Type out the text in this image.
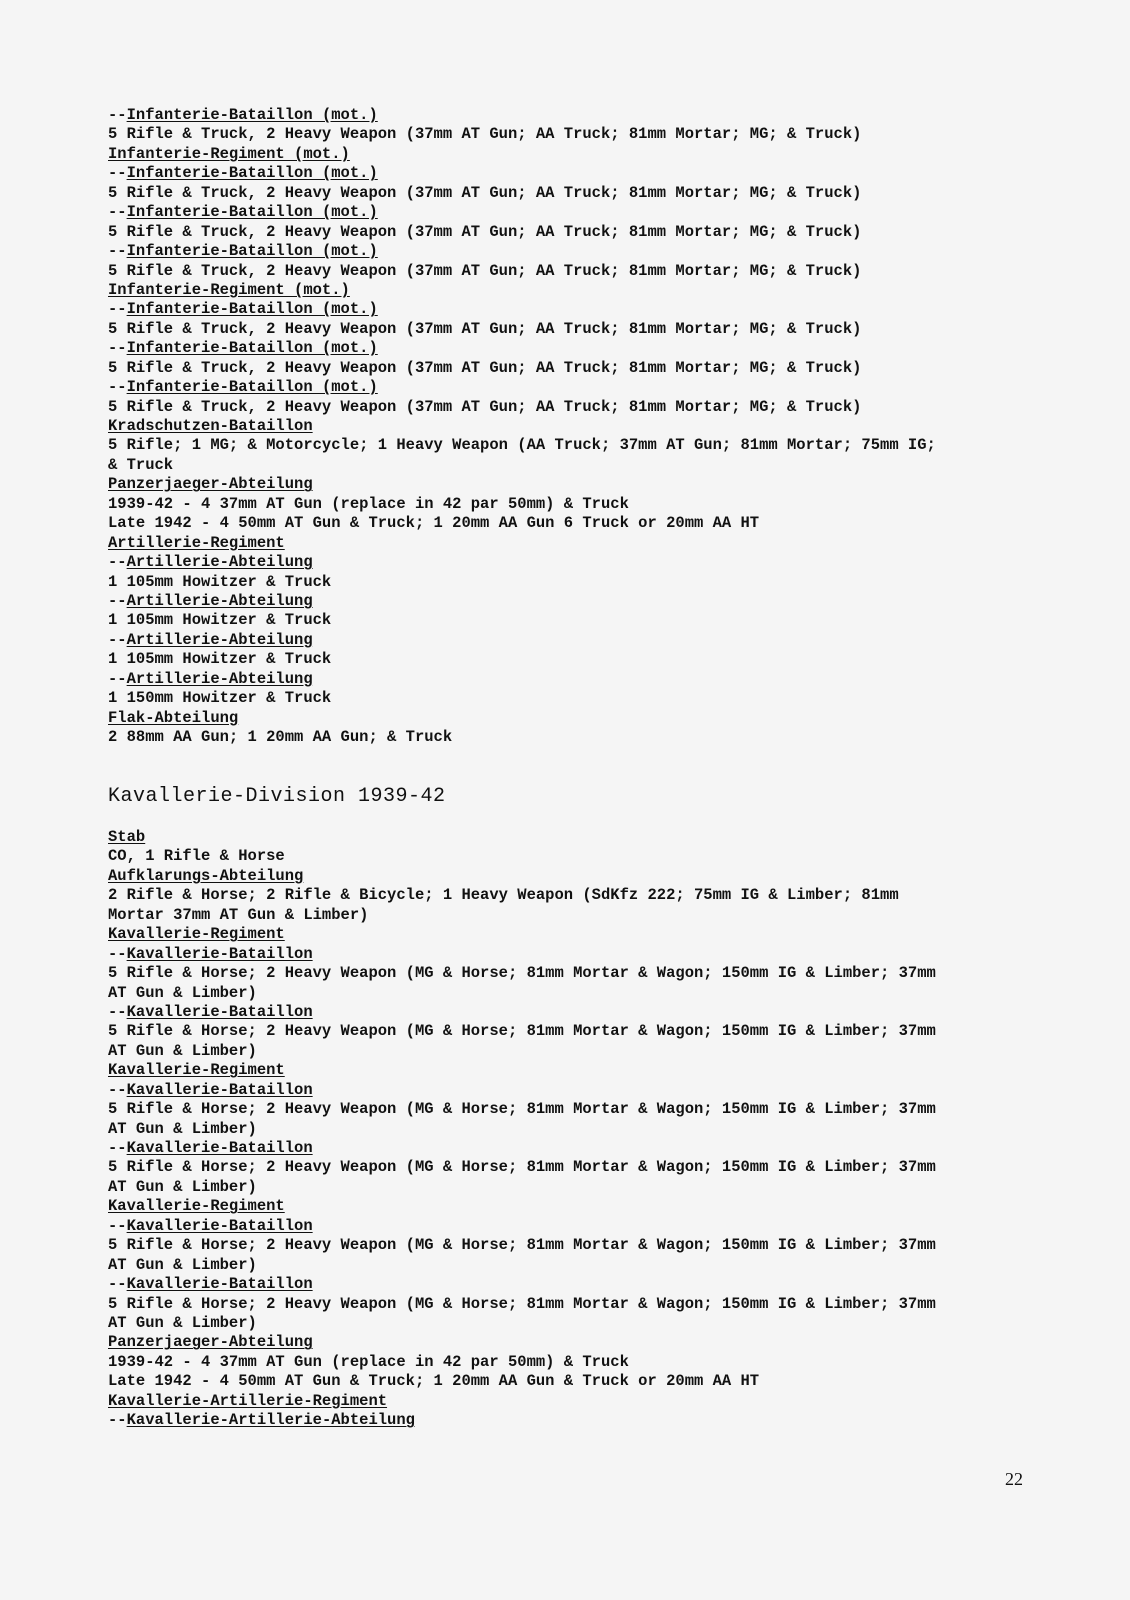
--Infanterie-Bataillon (mot.)
5 Rifle & Truck, 2 Heavy Weapon (37mm AT Gun; AA Truck; 81mm Mortar; MG; & Truck)
Infanterie-Regiment (mot.)
--Infanterie-Bataillon (mot.)
5 Rifle & Truck, 2 Heavy Weapon (37mm AT Gun; AA Truck; 81mm Mortar; MG; & Truck)
--Infanterie-Bataillon (mot.)
5 Rifle & Truck, 2 Heavy Weapon (37mm AT Gun; AA Truck; 81mm Mortar; MG; & Truck)
--Infanterie-Bataillon (mot.)
5 Rifle & Truck, 2 Heavy Weapon (37mm AT Gun; AA Truck; 81mm Mortar; MG; & Truck)
Infanterie-Regiment (mot.)
--Infanterie-Bataillon (mot.)
5 Rifle & Truck, 2 Heavy Weapon (37mm AT Gun; AA Truck; 81mm Mortar; MG; & Truck)
--Infanterie-Bataillon (mot.)
5 Rifle & Truck, 2 Heavy Weapon (37mm AT Gun; AA Truck; 81mm Mortar; MG; & Truck)
--Infanterie-Bataillon (mot.)
5 Rifle & Truck, 2 Heavy Weapon (37mm AT Gun; AA Truck; 81mm Mortar; MG; & Truck)
Kradschutzen-Bataillon
5 Rifle; 1 MG; & Motorcycle; 1 Heavy Weapon (AA Truck; 37mm AT Gun; 81mm Mortar; 75mm IG;
& Truck
Panzerjaeger-Abteilung
1939-42 - 4 37mm AT Gun (replace in 42 par 50mm) & Truck
Late 1942 - 4 50mm AT Gun & Truck; 1 20mm AA Gun 6 Truck or 20mm AA HT
Artillerie-Regiment
--Artillerie-Abteilung
1 105mm Howitzer & Truck
--Artillerie-Abteilung
1 105mm Howitzer & Truck
--Artillerie-Abteilung
1 105mm Howitzer & Truck
--Artillerie-Abteilung
1 150mm Howitzer & Truck
Flak-Abteilung
2 88mm AA Gun; 1 20mm AA Gun; & Truck
Kavallerie-Division 1939-42
Stab
CO, 1 Rifle & Horse
Aufklarungs-Abteilung
2 Rifle & Horse; 2 Rifle & Bicycle; 1 Heavy Weapon (SdKfz 222; 75mm IG & Limber; 81mm
Mortar 37mm AT Gun & Limber)
Kavallerie-Regiment
--Kavallerie-Bataillon
5 Rifle & Horse; 2 Heavy Weapon (MG & Horse; 81mm Mortar & Wagon; 150mm IG & Limber; 37mm
AT Gun & Limber)
--Kavallerie-Bataillon
5 Rifle & Horse; 2 Heavy Weapon (MG & Horse; 81mm Mortar & Wagon; 150mm IG & Limber; 37mm
AT Gun & Limber)
Kavallerie-Regiment
--Kavallerie-Bataillon
5 Rifle & Horse; 2 Heavy Weapon (MG & Horse; 81mm Mortar & Wagon; 150mm IG & Limber; 37mm
AT Gun & Limber)
--Kavallerie-Bataillon
5 Rifle & Horse; 2 Heavy Weapon (MG & Horse; 81mm Mortar & Wagon; 150mm IG & Limber; 37mm
AT Gun & Limber)
Kavallerie-Regiment
--Kavallerie-Bataillon
5 Rifle & Horse; 2 Heavy Weapon (MG & Horse; 81mm Mortar & Wagon; 150mm IG & Limber; 37mm
AT Gun & Limber)
--Kavallerie-Bataillon
5 Rifle & Horse; 2 Heavy Weapon (MG & Horse; 81mm Mortar & Wagon; 150mm IG & Limber; 37mm
AT Gun & Limber)
Panzerjaeger-Abteilung
1939-42 - 4 37mm AT Gun (replace in 42 par 50mm) & Truck
Late 1942 - 4 50mm AT Gun & Truck; 1 20mm AA Gun & Truck or 20mm AA HT
Kavallerie-Artillerie-Regiment
--Kavallerie-Artillerie-Abteilung
22
